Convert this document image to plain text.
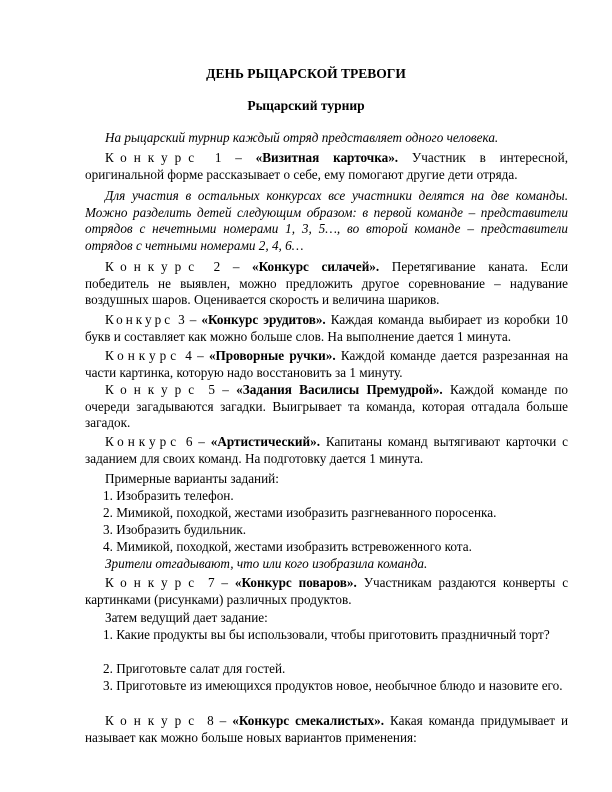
ДЕНЬ РЫЦАРСКОЙ ТРЕВОГИ
Рыцарский турнир

На рыцарский турнир каждый отряд представляет одного человека.

Конкурс 1 – «Визитная карточка». Участник в интересной, оригинальной форме рассказывает о себе, ему помогают другие дети отряда.

Для участия в остальных конкурсах все участники делятся на две команды. Можно разделить детей следующим образом: в первой команде – представители отрядов с нечетными номерами 1, 3, 5…, во второй команде – представители отрядов с четными номерами 2, 4, 6…

Конкурс 2 – «Конкурс силачей». Перетягивание каната. Если победитель не выявлен, можно предложить другое соревнование – надувание воздушных шаров. Оценивается скорость и величина шариков.

Конкурс 3 – «Конкурс эрудитов». Каждая команда выбирает из коробки 10 букв и составляет как можно больше слов. На выполнение дается 1 минута.

Конкурс 4 – «Проворные ручки». Каждой команде дается разрезанная на части картинка, которую надо восстановить за 1 минуту.

Конкурс 5 – «Задания Василисы Премудрой». Каждой команде по очереди загадываются загадки. Выигрывает та команда, которая отгадала больше загадок.

Конкурс 6 – «Артистический». Капитаны команд вытягивают карточки с заданием для своих команд. На подготовку дается 1 минута.

Примерные варианты заданий:

1. Изобразить телефон.

2. Мимикой, походкой, жестами изобразить разгневанного поросенка.

3. Изобразить будильник.

4. Мимикой, походкой, жестами изобразить встревоженного кота.

Зрители отгадывают, что или кого изобразила команда.

Конкурс 7 – «Конкурс поваров». Участникам раздаются конверты с картинками (рисунками) различных продуктов.

Затем ведущий дает задание:

1. Какие продукты вы бы использовали, чтобы приготовить праздничный торт?

2. Приготовьте салат для гостей.

3. Приготовьте из имеющихся продуктов новое, необычное блюдо и назовите его.

Конкурс 8 – «Конкурс смекалистых». Какая команда придумывает и называет как можно больше новых вариантов применения:
